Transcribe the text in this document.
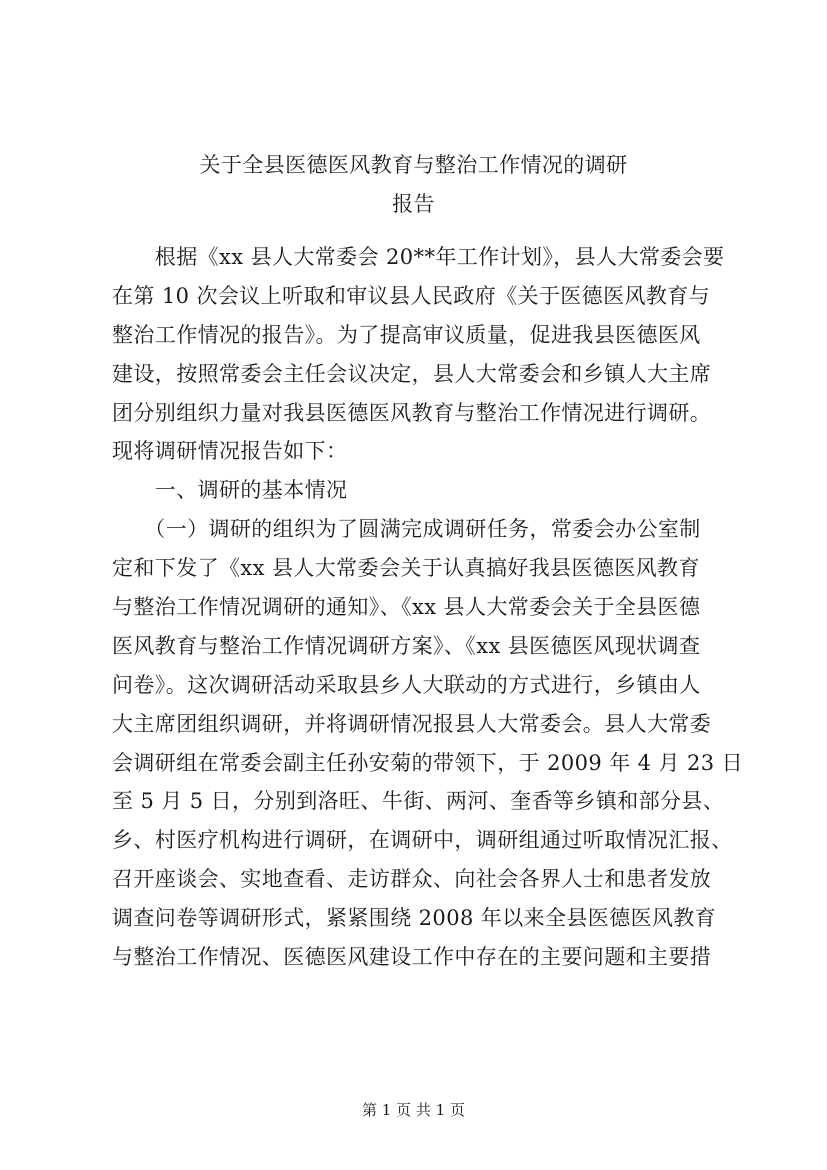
关于全县医德医风教育与整治工作情况的调研
报告
　　根据《xx 县人大常委会 20**年工作计划》，县人大常委会要
在第 10 次会议上听取和审议县人民政府《关于医德医风教育与
整治工作情况的报告》。为了提高审议质量，促进我县医德医风
建设，按照常委会主任会议决定，县人大常委会和乡镇人大主席
团分别组织力量对我县医德医风教育与整治工作情况进行调研。
现将调研情况报告如下：
　　一、调研的基本情况
　　（一）调研的组织为了圆满完成调研任务，常委会办公室制
定和下发了《xx 县人大常委会关于认真搞好我县医德医风教育
与整治工作情况调研的通知》、《xx 县人大常委会关于全县医德
医风教育与整治工作情况调研方案》、《xx 县医德医风现状调查
问卷》。这次调研活动采取县乡人大联动的方式进行，乡镇由人
大主席团组织调研，并将调研情况报县人大常委会。县人大常委
会调研组在常委会副主任孙安菊的带领下，于 2009 年 4 月 23 日
至 5 月 5 日，分别到洛旺、牛街、两河、奎香等乡镇和部分县、
乡、村医疗机构进行调研，在调研中，调研组通过听取情况汇报、
召开座谈会、实地查看、走访群众、向社会各界人士和患者发放
调查问卷等调研形式，紧紧围绕 2008 年以来全县医德医风教育
与整治工作情况、医德医风建设工作中存在的主要问题和主要措
第 1 页 共 1 页
